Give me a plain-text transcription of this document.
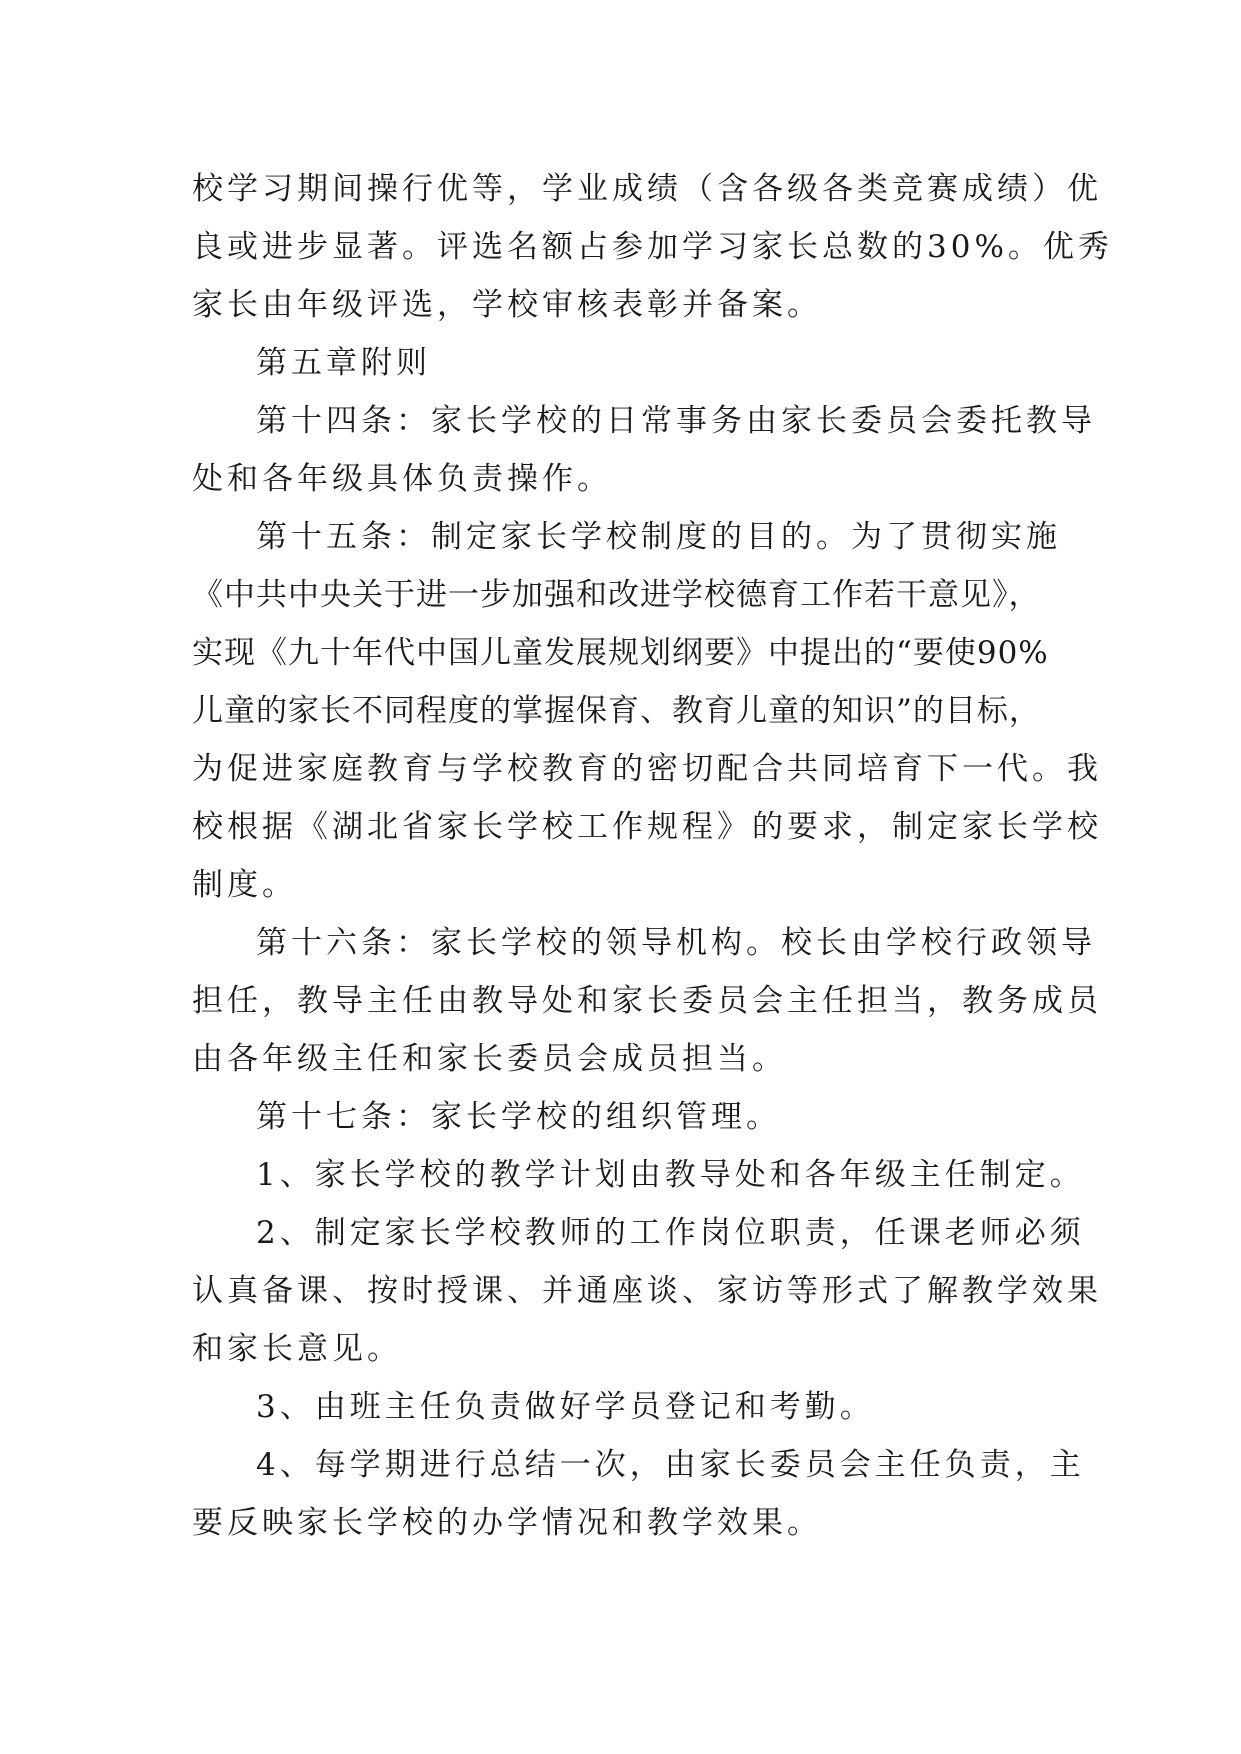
校学习期间操行优等，学业成绩（含各级各类竞赛成绩）优
良或进步显著。评选名额占参加学习家长总数的30%。优秀
家长由年级评选，学校审核表彰并备案。
第五章附则
第十四条：家长学校的日常事务由家长委员会委托教导
处和各年级具体负责操作。
第十五条：制定家长学校制度的目的。为了贯彻实施
《中共中央关于进一步加强和改进学校德育工作若干意见》，
实现《九十年代中国儿童发展规划纲要》中提出的“要使90%
儿童的家长不同程度的掌握保育、教育儿童的知识”的目标，
为促进家庭教育与学校教育的密切配合共同培育下一代。我
校根据《湖北省家长学校工作规程》的要求，制定家长学校
制度。
第十六条：家长学校的领导机构。校长由学校行政领导
担任，教导主任由教导处和家长委员会主任担当，教务成员
由各年级主任和家长委员会成员担当。
第十七条：家长学校的组织管理。
1、家长学校的教学计划由教导处和各年级主任制定。
2、制定家长学校教师的工作岗位职责，任课老师必须
认真备课、按时授课、并通座谈、家访等形式了解教学效果
和家长意见。
3、由班主任负责做好学员登记和考勤。
4、每学期进行总结一次，由家长委员会主任负责，主
要反映家长学校的办学情况和教学效果。
